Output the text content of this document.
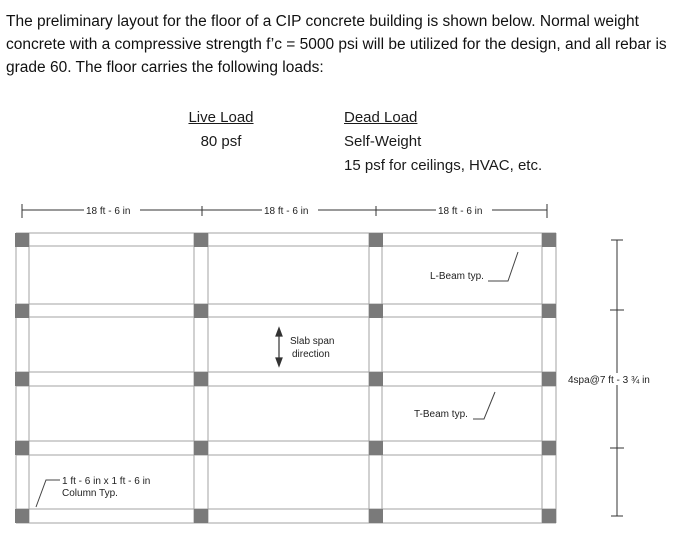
The preliminary layout for the floor of a CIP concrete building is shown below. Normal weight concrete with a compressive strength f’c = 5000 psi will be utilized for the design, and all rebar is grade 60. The floor carries the following loads:
Live Load
80 psf
Dead Load
Self-Weight
15 psf for ceilings, HVAC, etc.
18 ft - 6 in	18 ft - 6 in	18 ft - 6 in
4spa@7 ft - 3 ¾ in
L-Beam typ.
T-Beam typ.
Slab span
direction
1 ft - 6 in x 1 ft - 6 in
Column Typ.
